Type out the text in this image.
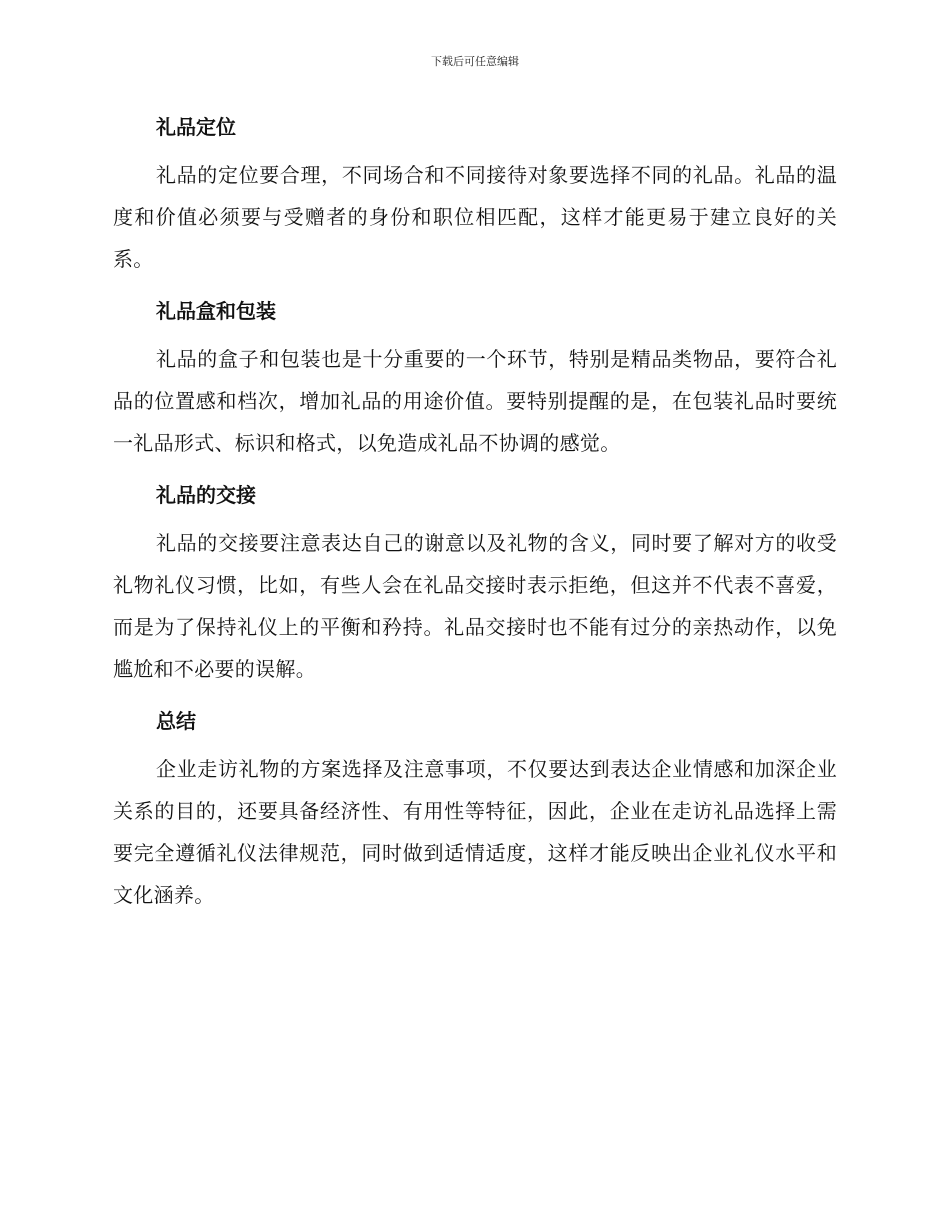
下载后可任意编辑
礼品定位

礼品的定位要合理，不同场合和不同接待对象要选择不同的礼品。礼品的温度和价值必须要与受赠者的身份和职位相匹配，这样才能更易于建立良好的关系。

礼品盒和包装

礼品的盒子和包装也是十分重要的一个环节，特别是精品类物品，要符合礼品的位置感和档次，增加礼品的用途价值。要特别提醒的是，在包装礼品时要统一礼品形式、标识和格式，以免造成礼品不协调的感觉。

礼品的交接

礼品的交接要注意表达自己的谢意以及礼物的含义，同时要了解对方的收受礼物礼仪习惯，比如，有些人会在礼品交接时表示拒绝，但这并不代表不喜爱，而是为了保持礼仪上的平衡和矜持。礼品交接时也不能有过分的亲热动作，以免尴尬和不必要的误解。

总结

企业走访礼物的方案选择及注意事项，不仅要达到表达企业情感和加深企业关系的目的，还要具备经济性、有用性等特征，因此，企业在走访礼品选择上需要完全遵循礼仪法律规范，同时做到适情适度，这样才能反映出企业礼仪水平和文化涵养。
